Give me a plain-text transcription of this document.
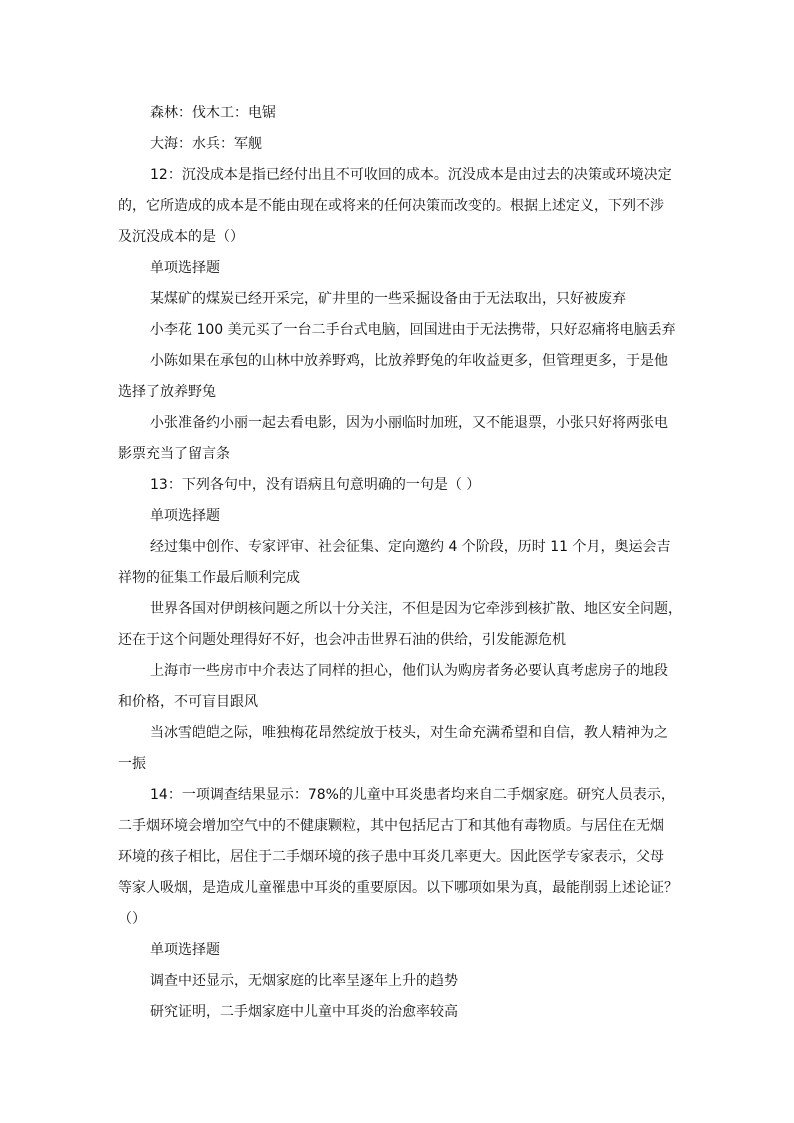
森林：伐木工：电锯

大海：水兵：军舰

12：沉没成本是指已经付出且不可收回的成本。沉没成本是由过去的决策或环境决定
的，它所造成的成本是不能由现在或将来的任何决策而改变的。根据上述定义，下列不涉
及沉没成本的是（）

单项选择题

某煤矿的煤炭已经开采完，矿井里的一些采掘设备由于无法取出，只好被废弃

小李花 100 美元买了一台二手台式电脑，回国进由于无法携带，只好忍痛将电脑丢弃

小陈如果在承包的山林中放养野鸡，比放养野兔的年收益更多，但管理更多，于是他
选择了放养野兔

小张准备约小丽一起去看电影，因为小丽临时加班，又不能退票，小张只好将两张电
影票充当了留言条

13：下列各句中，没有语病且句意明确的一句是（ ）

单项选择题

经过集中创作、专家评审、社会征集、定向邀约 4 个阶段，历时 11 个月，奥运会吉
祥物的征集工作最后顺利完成

世界各国对伊朗核问题之所以十分关注，不但是因为它牵涉到核扩散、地区安全问题，
还在于这个问题处理得好不好，也会冲击世界石油的供给，引发能源危机

上海市一些房市中介表达了同样的担心，他们认为购房者务必要认真考虑房子的地段
和价格，不可盲目跟风

当冰雪皑皑之际，唯独梅花昂然绽放于枝头，对生命充满希望和自信，教人精神为之
一振

14：一项调查结果显示：78%的儿童中耳炎患者均来自二手烟家庭。研究人员表示，
二手烟环境会增加空气中的不健康颗粒，其中包括尼古丁和其他有毒物质。与居住在无烟
环境的孩子相比，居住于二手烟环境的孩子患中耳炎几率更大。因此医学专家表示，父母
等家人吸烟，是造成儿童罹患中耳炎的重要原因。以下哪项如果为真，最能削弱上述论证？
（）

单项选择题

调查中还显示，无烟家庭的比率呈逐年上升的趋势

研究证明，二手烟家庭中儿童中耳炎的治愈率较高
